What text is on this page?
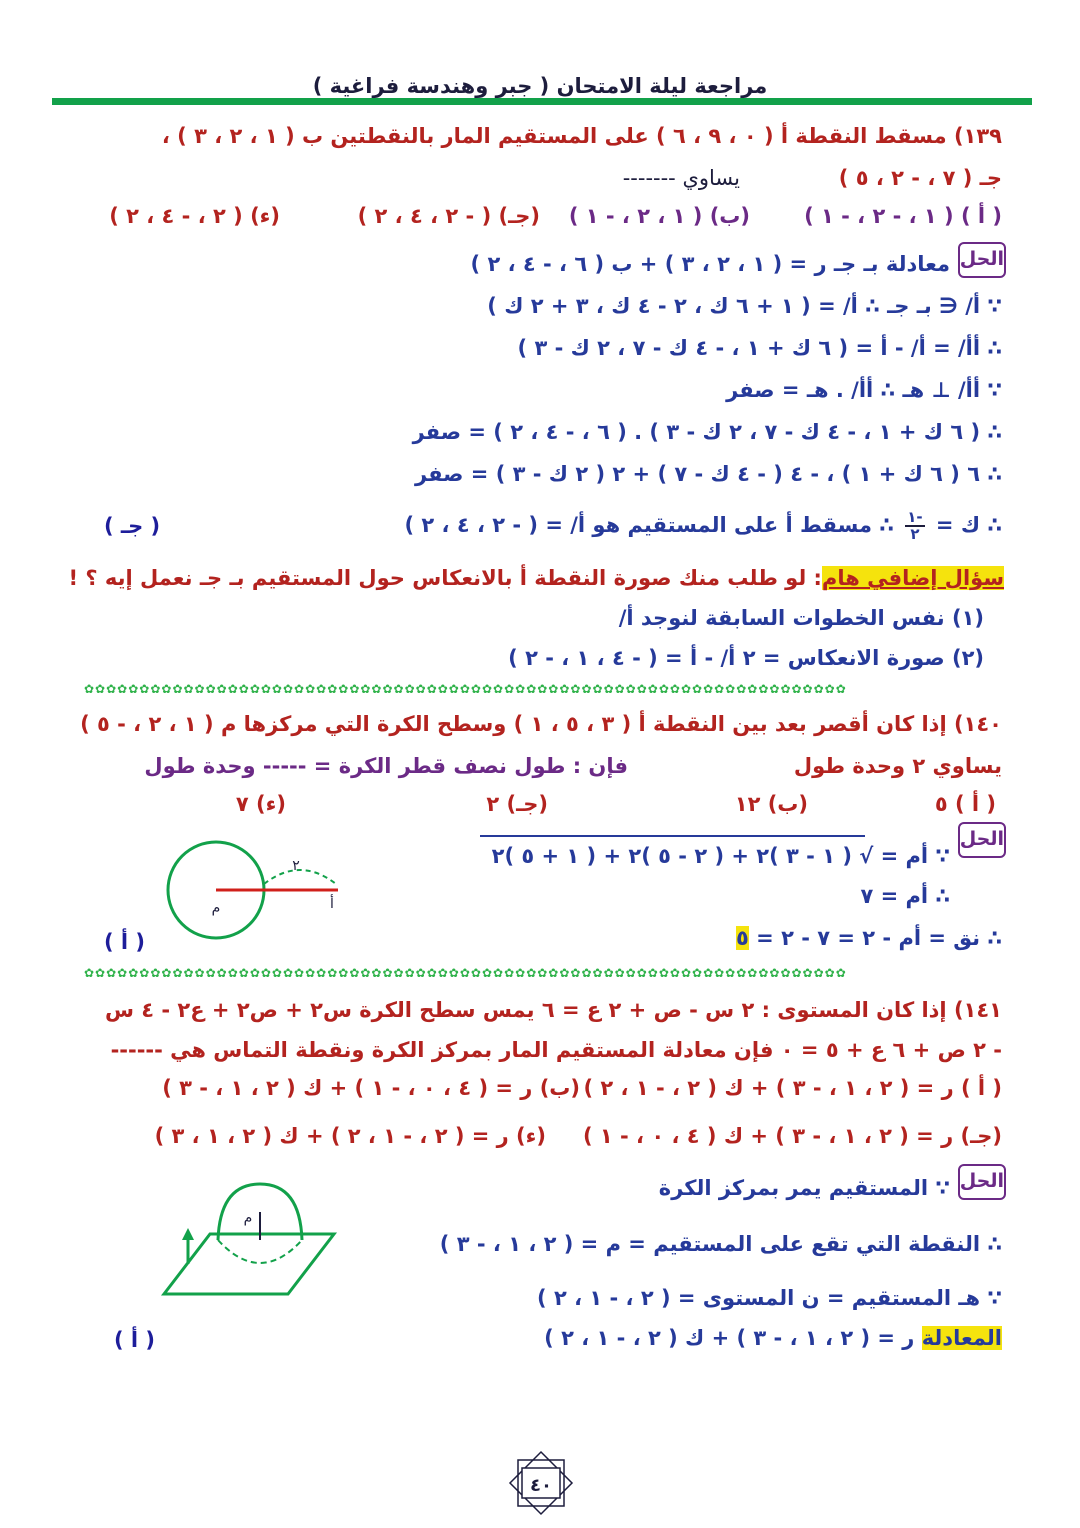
مراجعة ليلة الامتحان ( جبر وهندسة فراغية )
١٣٩) مسقط النقطة أ ( ٠ ، ٩ ، ٦ ) على المستقيم المار بالنقطتين ب ( ١ ، ٢ ، ٣ ) ،
جـ ( ٧ ، - ٢ ، ٥ )
يساوي -------
( أ ) ( ١ ، - ٢ ، - ١ )
(ب) ( ١ ، ٢ ، - ١ )
(جـ) ( - ٢ ، ٤ ، ٢ )
(ء) ( ٢ ، - ٤ ، ٢ )
الحل
معادلة بـ جـ ر = ( ١ ، ٢ ، ٣ ) + ب ( ٦ ، - ٤ ، ٢ )
∵ أ/ ∈ بـ جـ ∴ أ/ = ( ١ + ٦ ك ، ٢ - ٤ ك ، ٣ + ٢ ك )
∴ أأ/ = أ/ - أ = ( ٦ ك + ١ ، - ٤ ك - ٧ ، ٢ ك - ٣ )
∵ أأ/ ⊥ هـ ∴ أأ/ . هـ = صفر
∴ ( ٦ ك + ١ ، - ٤ ك - ٧ ، ٢ ك - ٣ ) . ( ٦ ، - ٤ ، ٢ ) = صفر
∴ ٦ ( ٦ ك + ١ ) ، - ٤ ( - ٤ ك - ٧ ) + ٢ ( ٢ ك - ٣ ) = صفر
∴ ك =
$\frac{-١}{٢}$
∴ مسقط أ على المستقيم هو أ/ = ( - ٢ ، ٤ ، ٢ )
( جـ )
سؤال إضافي هام: لو طلب منك صورة النقطة أ بالانعكاس حول المستقيم بـ جـ نعمل إيه ؟ !
(١) نفس الخطوات السابقة لنوجد أ/
(٢) صورة الانعكاس = ٢ أ/ - أ = ( - ٤ ، ١ ، - ٢ )
✿✿✿✿✿✿✿✿✿✿✿✿✿✿✿✿✿✿✿✿✿✿✿✿✿✿✿✿✿✿✿✿✿✿✿✿✿✿✿✿✿✿✿✿✿✿✿✿✿✿✿✿✿✿✿✿✿✿✿✿✿✿✿✿✿✿✿✿✿
١٤٠) إذا كان أقصر بعد بين النقطة أ ( ٣ ، ٥ ، ١ ) وسطح الكرة التي مركزها م ( ١ ، ٢ ، - ٥ )
يساوي ٢ وحدة طول
فإن : طول نصف قطر الكرة = ----- وحدة طول
( أ ) ٥
(ب) ١٢
(جـ) ٢
(ء) ٧
الحل
∵ أم = √ ( ١ - ٣ )٢ + ( ٢ - ٥ )٢ + ( ١ + ٥ )٢
∴ أم = ٧
∴ نق = أم - ٢ = ٧ - ٢ = ٥
( أ )
م
٢
أ
✿✿✿✿✿✿✿✿✿✿✿✿✿✿✿✿✿✿✿✿✿✿✿✿✿✿✿✿✿✿✿✿✿✿✿✿✿✿✿✿✿✿✿✿✿✿✿✿✿✿✿✿✿✿✿✿✿✿✿✿✿✿✿✿✿✿✿✿✿
١٤١) إذا كان المستوى : ٢ س - ص + ٢ ع = ٦ يمس سطح الكرة س٢ + ص٢ + ع٢ - ٤ س
- ٢ ص + ٦ ع + ٥ = ٠ فإن معادلة المستقيم المار بمركز الكرة ونقطة التماس هي ------
( أ ) ر = ( ٢ ، ١ ، - ٣ ) + ك ( ٢ ، - ١ ، ٢ )
(ب) ر = ( ٤ ، ٠ ، - ١ ) + ك ( ٢ ، ١ ، - ٣ )
(جـ) ر = ( ٢ ، ١ ، - ٣ ) + ك ( ٤ ، ٠ ، - ١ )
(ء) ر = ( ٢ ، - ١ ، ٢ ) + ك ( ٢ ، ١ ، ٣ )
الحل
∵ المستقيم يمر بمركز الكرة
∴ النقطة التي تقع على المستقيم = م = ( ٢ ، ١ ، - ٣ )
∵ هـ المستقيم = ن المستوى = ( ٢ ، - ١ ، ٢ )
المعادلة ر = ( ٢ ، ١ ، - ٣ ) + ك ( ٢ ، - ١ ، ٢ )
( أ )
م
٤٠
